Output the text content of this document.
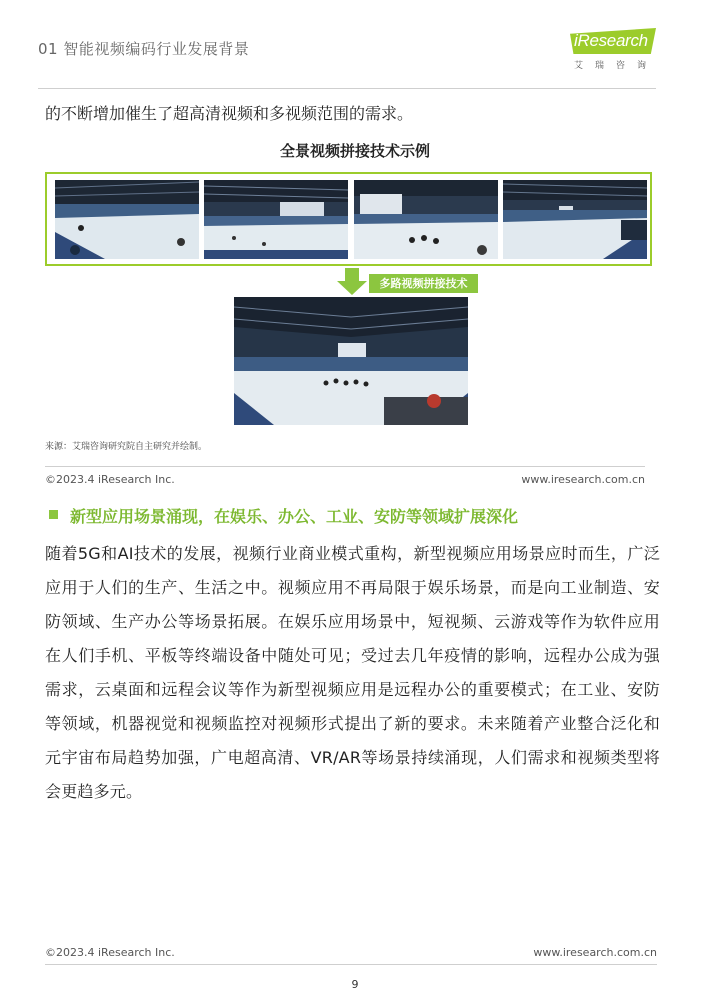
01 智能视频编码行业发展背景	iResearch
艾瑞咨询
的不断增加催生了超高清视频和多视频范围的需求。
全景视频拼接技术示例
多路视频拼接技术
来源：艾瑞咨询研究院自主研究并绘制。
©2023.4 iResearch Inc.	www.iresearch.com.cn
新型应用场景涌现，在娱乐、办公、工业、安防等领域扩展深化
随着5G和AI技术的发展，视频行业商业模式重构，新型视频应用场景应时而生，广泛应用于人们的生产、生活之中。视频应用不再局限于娱乐场景，而是向工业制造、安防领域、生产办公等场景拓展。在娱乐应用场景中，短视频、云游戏等作为软件应用在人们手机、平板等终端设备中随处可见；受过去几年疫情的影响，远程办公成为强需求，云桌面和远程会议等作为新型视频应用是远程办公的重要模式；在工业、安防等领域，机器视觉和视频监控对视频形式提出了新的要求。未来随着产业整合泛化和元宇宙布局趋势加强，广电超高清、VR/AR等场景持续涌现，人们需求和视频类型将会更趋多元。
©2023.4 iResearch Inc.	www.iresearch.com.cn
9
